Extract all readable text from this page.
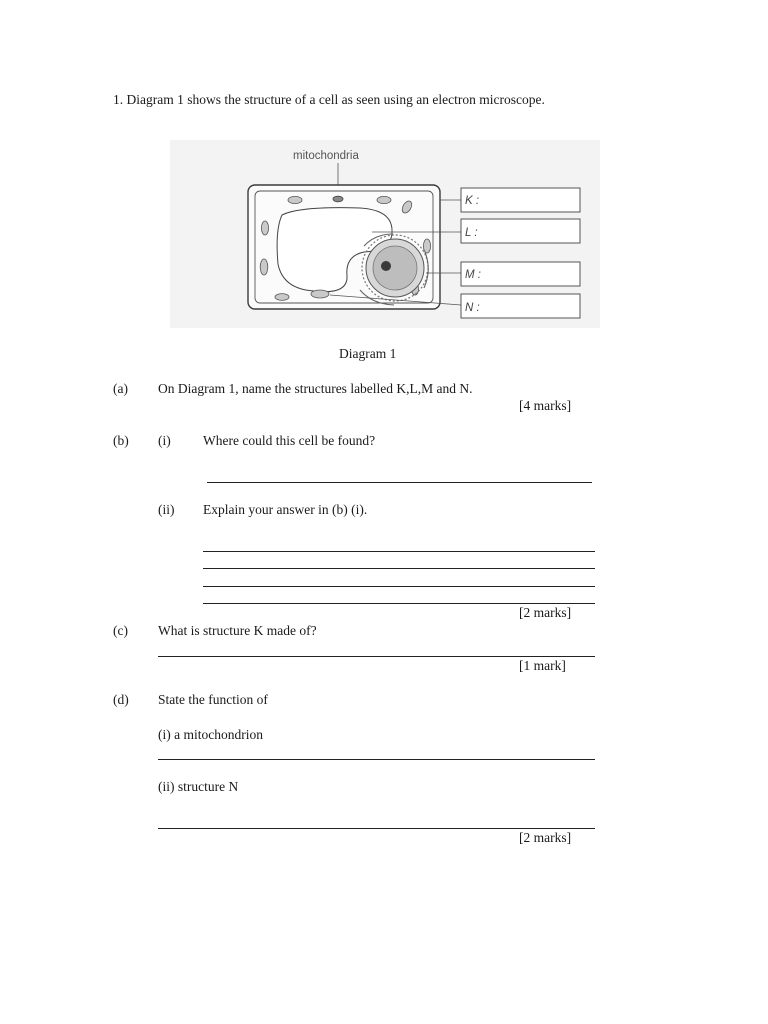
1. Diagram 1 shows the structure of a cell as seen using an electron microscope.
mitochondria
K :
L :
M :
N :
Diagram 1
(a) On Diagram 1, name the structures labelled K,L,M and N.
[4 marks]
(b) (i) Where could this cell be found?
(ii) Explain your answer in (b) (i).
[2 marks]
(c) What is structure K made of?
[1 mark]
(d) State the function of
(i) a mitochondrion
(ii) structure N
[2 marks]
